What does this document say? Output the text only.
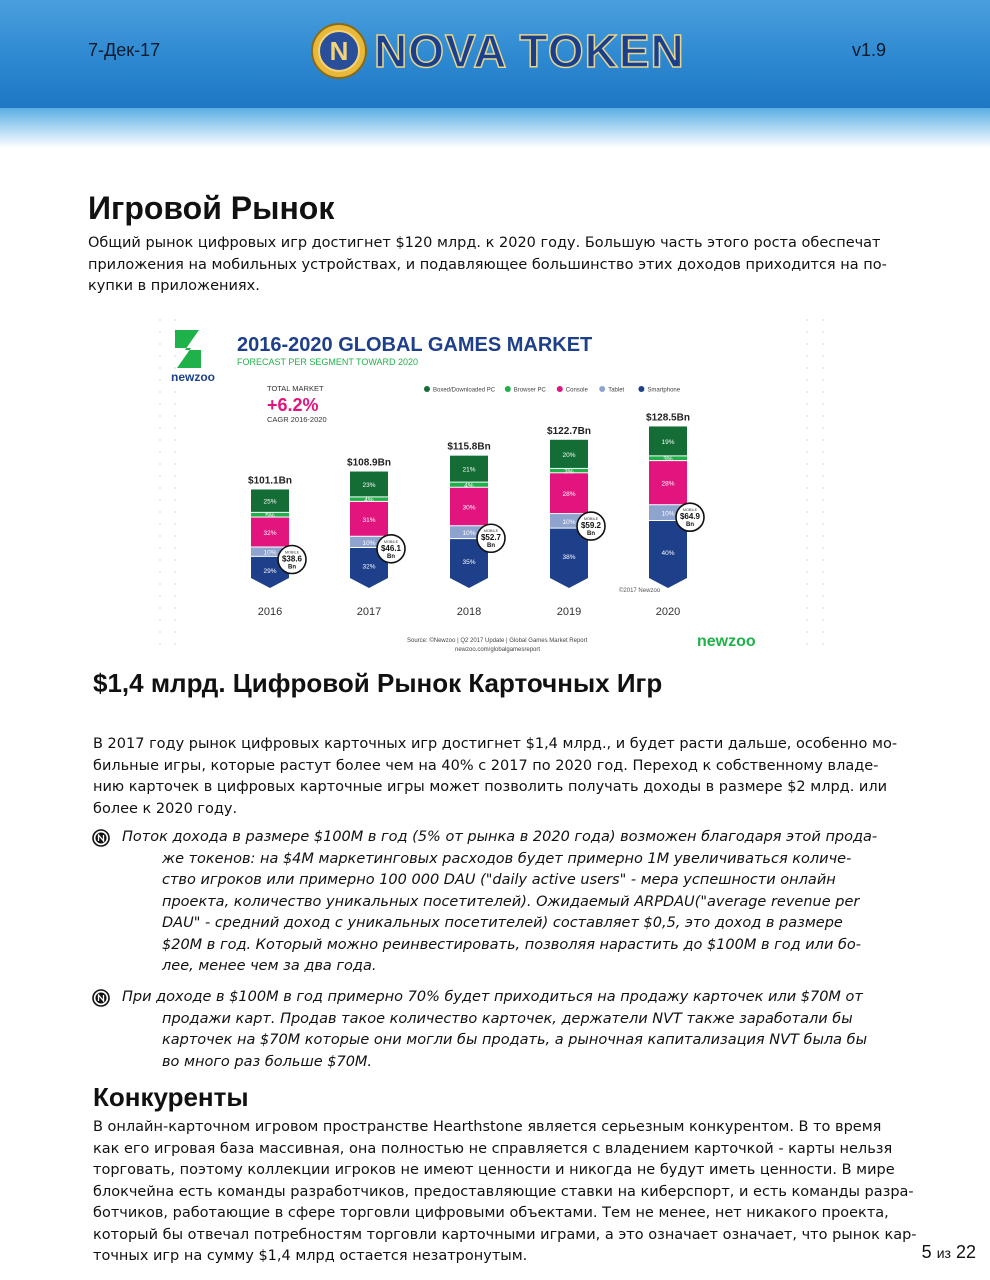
7-Дек-17	v1.9
N NOVA TOKEN
Игровой Рынок

Общий рынок цифровых игр достигнет $120 млрд. к 2020 году. Большую часть этого роста обеспечат

приложения на мобильных устройствах, и подавляющее большинство этих доходов приходится на по-

купки в приложениях.

newzoo
2016-2020 GLOBAL GAMES MARKET
FORECAST PER SEGMENT TOWARD 2020
TOTAL MARKET
+6.2%
CAGR 2016-2020
Boxed/Downloaded PC	Browser PC	Console	Tablet	Smartphone
29%
10%
32%
5%
25%
$101.1Bn
2016
MOBILE
$38.6
Bn	32%
10%
31%
4%
23%
$108.9Bn
2017
MOBILE
$46.1
Bn
35%
10%
30%
4%
21%
$115.8Bn
2018
MOBILE
$52.7
Bn
38%
10%
28%
3%
20%
$122.7Bn
2019
MOBILE
$59.2
Bn
40%
10%
28%
3%
19%
$128.5Bn
2020
MOBILE
$64.9
Bn
©2017 Newzoo
Source: ©Newzoo | Q2 2017 Update | Global Games Market Report
newzoo.com/globalgamesreport	newzoo
$1,4 млрд. Цифровой Рынок Карточных Игр

В 2017 году рынок цифровых карточных игр достигнет $1,4 млрд., и будет расти дальше, особенно мо-

бильные игры, которые растут более чем на 40% с 2017 по 2020 год. Переход к собственному владе-

нию карточек в цифровых карточные игры может позволить получать доходы в размере $2 млрд. или

более к 2020 году.

Поток дохода в размере $100M в год (5% от рынка в 2020 года) возможен благодаря этой прода-
же токенов: на $4M маркетинговых расходов будет примерно 1M увеличиваться количе-
ство игроков или примерно 100 000 DAU ("daily active users" - мера успешности онлайн
проекта, количество уникальных посетителей). Ожидаемый ARPDAU("average revenue per
DAU" - средний доход с уникальных посетителей) составляет $0,5, это доход в размере
$20M в год. Который можно реинвестировать, позволяя нарастить до $100M в год или бо-
лее, менее чем за два года.
При доходе в $100M в год примерно 70% будет приходиться на продажу карточек или $70M от
продажи карт. Продав такое количество карточек, держатели NVT также заработали бы
карточек на $70M которые они могли бы продать, а рыночная капитализация NVT была бы
во много раз больше $70M.
Конкуренты

В онлайн-карточном игровом пространстве Hearthstone является серьезным конкурентом. В то время

как его игровая база массивная, она полностью не справляется с владением карточкой - карты нельзя

торговать, поэтому коллекции игроков не имеют ценности и никогда не будут иметь ценности. В мире

блокчейна есть команды разработчиков, предоставляющие ставки на киберспорт, и есть команды разра-

ботчиков, работающие в сфере торговли цифровыми объектами. Тем не менее, нет никакого проекта,

который бы отвечал потребностям торговли карточными играми, а это означает означает, что рынок кар-

точных игр на сумму $1,4 млрд остается незатронутым.	5 из 22
